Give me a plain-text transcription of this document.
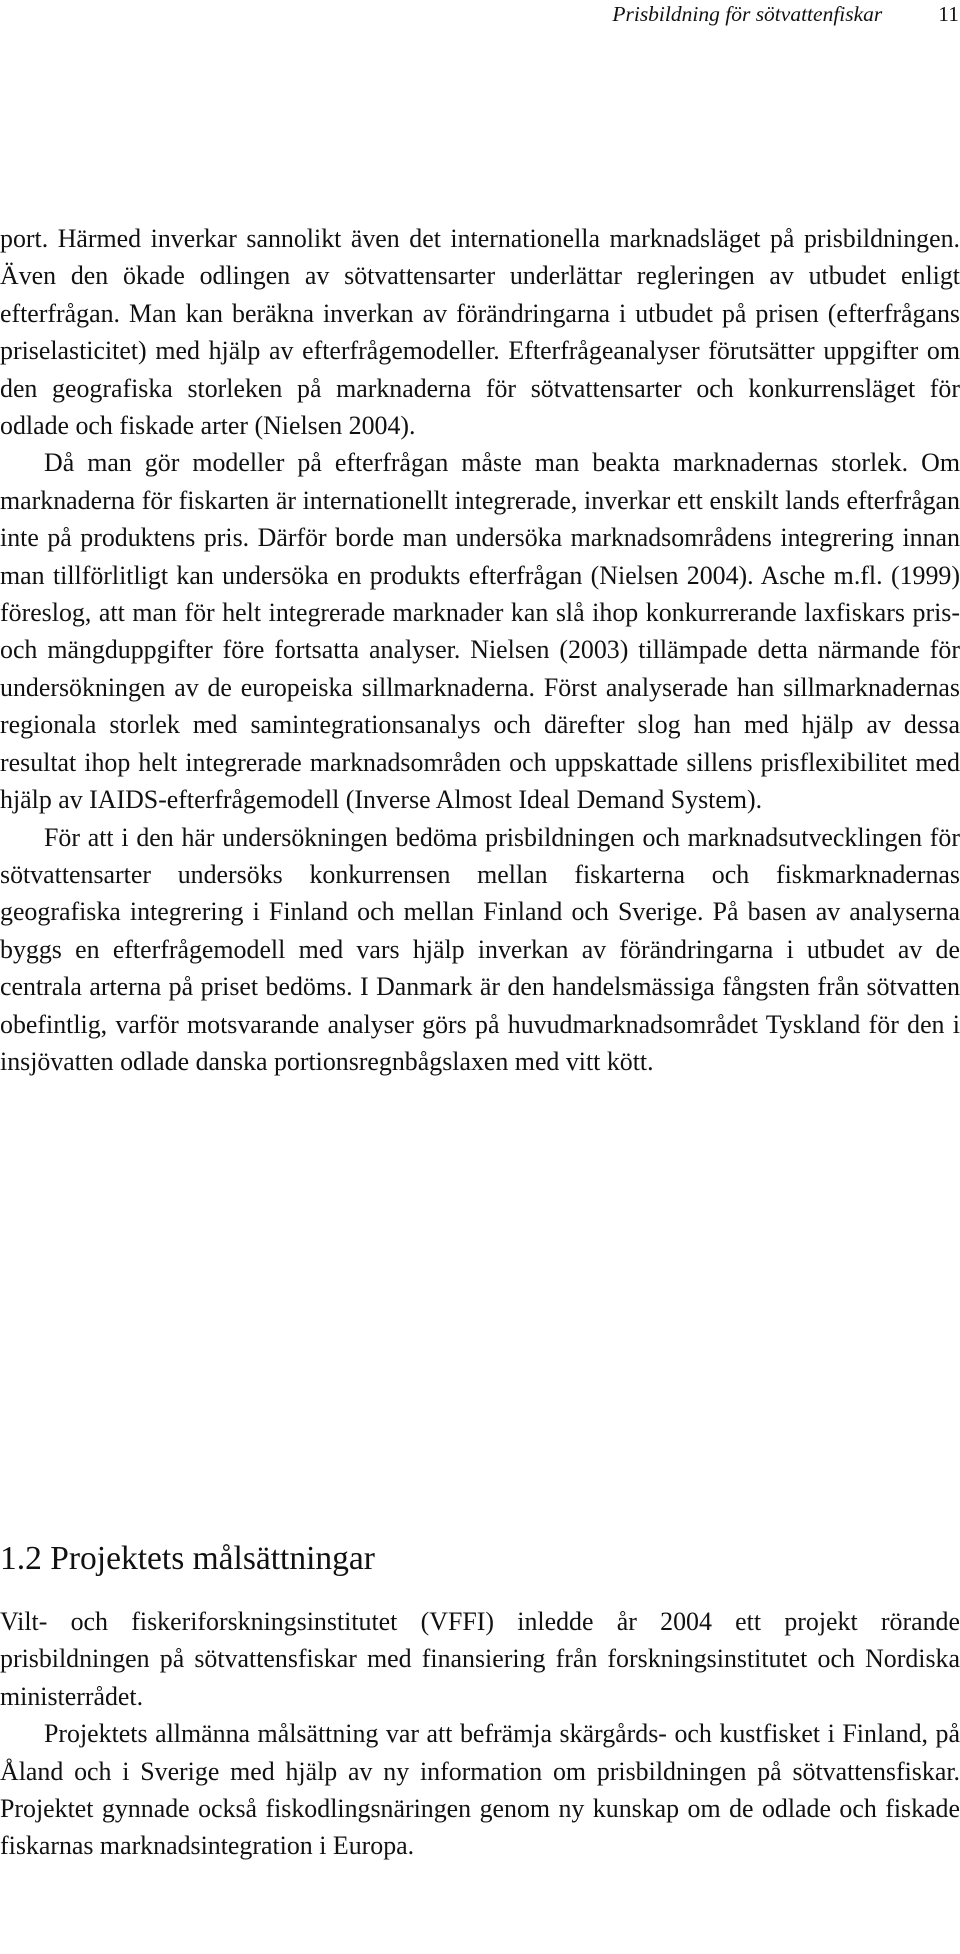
Prisbildning för sötvattenfiskar	11

port. Härmed inverkar sannolikt även det internationella marknadsläget på prisbildningen. Även den ökade odlingen av sötvattensarter underlättar regleringen av utbudet enligt efterfrågan. Man kan beräkna inverkan av förändringarna i utbudet på prisen (efterfrågans priselasticitet) med hjälp av efterfrågemodeller. Efterfrågeanalyser förutsätter uppgifter om den geografiska storleken på marknaderna för sötvattensarter och konkurrensläget för odlade och fiskade arter (Nielsen 2004).

Då man gör modeller på efterfrågan måste man beakta marknadernas storlek. Om marknaderna för fiskarten är internationellt integrerade, inverkar ett enskilt lands efterfrågan inte på produktens pris. Därför borde man undersöka marknadsområdens integrering innan man tillförlitligt kan undersöka en produkts efterfrågan (Nielsen 2004). Asche m.fl. (1999) föreslog, att man för helt integrerade marknader kan slå ihop konkurrerande laxfiskars pris- och mängduppgifter före fortsatta analyser. Nielsen (2003) tillämpade detta närmande för undersökningen av de europeiska sillmarknaderna. Först analyserade han sillmarknadernas regionala storlek med samintegrationsanalys och därefter slog han med hjälp av dessa resultat ihop helt integrerade marknadsområden och uppskattade sillens prisflexibilitet med hjälp av IAIDS-efterfrågemodell (Inverse Almost Ideal Demand System).

För att i den här undersökningen bedöma prisbildningen och marknadsutvecklingen för sötvattensarter undersöks konkurrensen mellan fiskarterna och fiskmarknadernas geografiska integrering i Finland och mellan Finland och Sverige. På basen av analyserna byggs en efterfrågemodell med vars hjälp inverkan av förändringarna i utbudet av de centrala arterna på priset bedöms. I Danmark är den handelsmässiga fångsten från sötvatten obefintlig, varför motsvarande analyser görs på huvudmarknadsområdet Tyskland för den i insjövatten odlade danska portionsregnbågslaxen med vitt kött.

1.2 Projektets målsättningar

Vilt- och fiskeriforskningsinstitutet (VFFI) inledde år 2004 ett projekt rörande prisbildningen på sötvattensfiskar med finansiering från forskningsinstitutet och Nordiska ministerrådet.

Projektets allmänna målsättning var att befrämja skärgårds- och kustfisket i Finland, på Åland och i Sverige med hjälp av ny information om prisbildningen på sötvattensfiskar. Projektet gynnade också fiskodlingsnäringen genom ny kunskap om de odlade och fiskade fiskarnas marknadsintegration i Europa.
